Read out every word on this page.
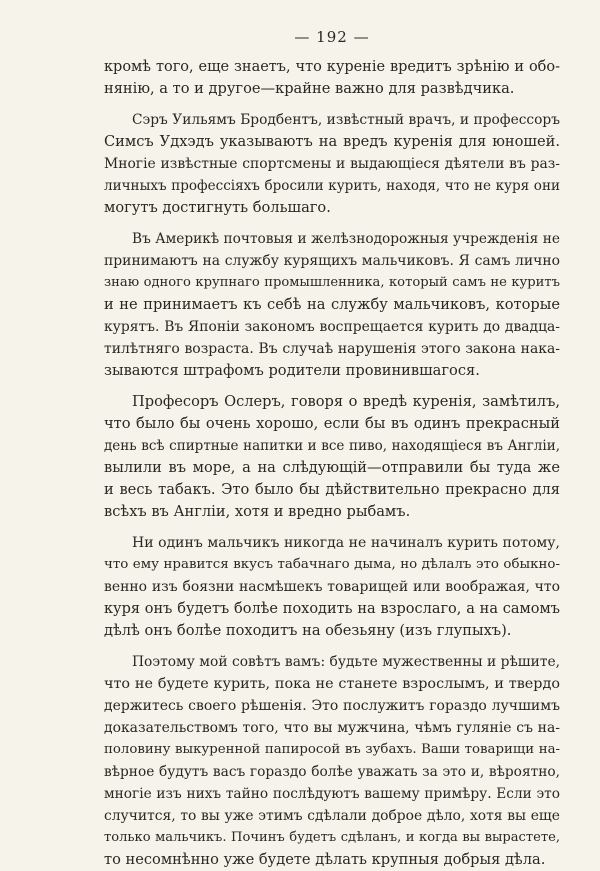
— 192 —
кромѣ того, еще знаетъ, что куреніе вредитъ зрѣнію и обо-
нянію, а то и другое—крайне важно для развѣдчика.
Сэръ Уильямъ Бродбентъ, извѣстный врачъ, и профессоръ
Симсъ Удхэдъ указываютъ на вредъ куренія для юношей.
Многіе извѣстные спортсмены и выдающіеся дѣятели въ раз-
личныхъ профессіяхъ бросили курить, находя, что не куря они
могутъ достигнуть большаго.
Въ Америкѣ почтовыя и желѣзнодорожныя учрежденія не
принимаютъ на службу курящихъ мальчиковъ. Я самъ лично
знаю одного крупнаго промышленника, который самъ не куритъ
и не принимаетъ къ себѣ на службу мальчиковъ, которые
курятъ. Въ Японіи закономъ воспрещается курить до двадца-
тилѣтняго возраста. Въ случаѣ нарушенія этого закона нака-
зываются штрафомъ родители провинившагося.
Професоръ Ослеръ, говоря о вредѣ куренія, замѣтилъ,
что было бы очень хорошо, если бы въ одинъ прекрасный
день всѣ спиртные напитки и все пиво, находящіеся въ Англіи,
вылили въ море, а на слѣдующій—отправили бы туда же
и весь табакъ. Это было бы дѣйствительно прекрасно для
всѣхъ въ Англіи, хотя и вредно рыбамъ.
Ни одинъ мальчикъ никогда не начиналъ курить потому,
что ему нравится вкусъ табачнаго дыма, но дѣлалъ это обыкно-
венно изъ боязни насмѣшекъ товарищей или воображая, что
куря онъ будетъ болѣе походить на взрослаго, а на самомъ
дѣлѣ онъ болѣе походитъ на обезьяну (изъ глупыхъ).
Поэтому мой совѣтъ вамъ: будьте мужественны и рѣшите,
что не будете курить, пока не станете взрослымъ, и твердо
держитесь своего рѣшенія. Это послужитъ гораздо лучшимъ
доказательствомъ того, что вы мужчина, чѣмъ гуляніе съ на-
половину выкуренной папиросой въ зубахъ. Ваши товарищи на-
вѣрное будутъ васъ гораздо болѣе уважать за это и, вѣроятно,
многіе изъ нихъ тайно послѣдуютъ вашему примѣру. Если это
случится, то вы уже этимъ сдѣлали доброе дѣло, хотя вы еще
только мальчикъ. Починъ будетъ сдѣланъ, и когда вы вырастете,
то несомнѣнно уже будете дѣлать крупныя добрыя дѣла.
